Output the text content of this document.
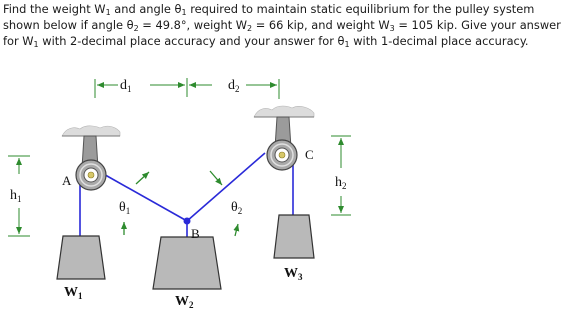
Find the weight $W_1$ and angle $\theta_1$ required to maintain static equilibrium for the pulley system
shown below if angle $\theta_2 = 49.8^\circ$, weight $W_2 = 66$ kip, and weight $W_3 = 105$ kip. Give your answer
for $W_1$ with 2-decimal place accuracy and your answer for $\theta_1$ with 1-decimal place accuracy.

$d_1$	$d_2$
$h_1$
$h_2$
A
B
C
$\theta_1$	$\theta_2$
$W_1$	$W_2$
$W_3$
